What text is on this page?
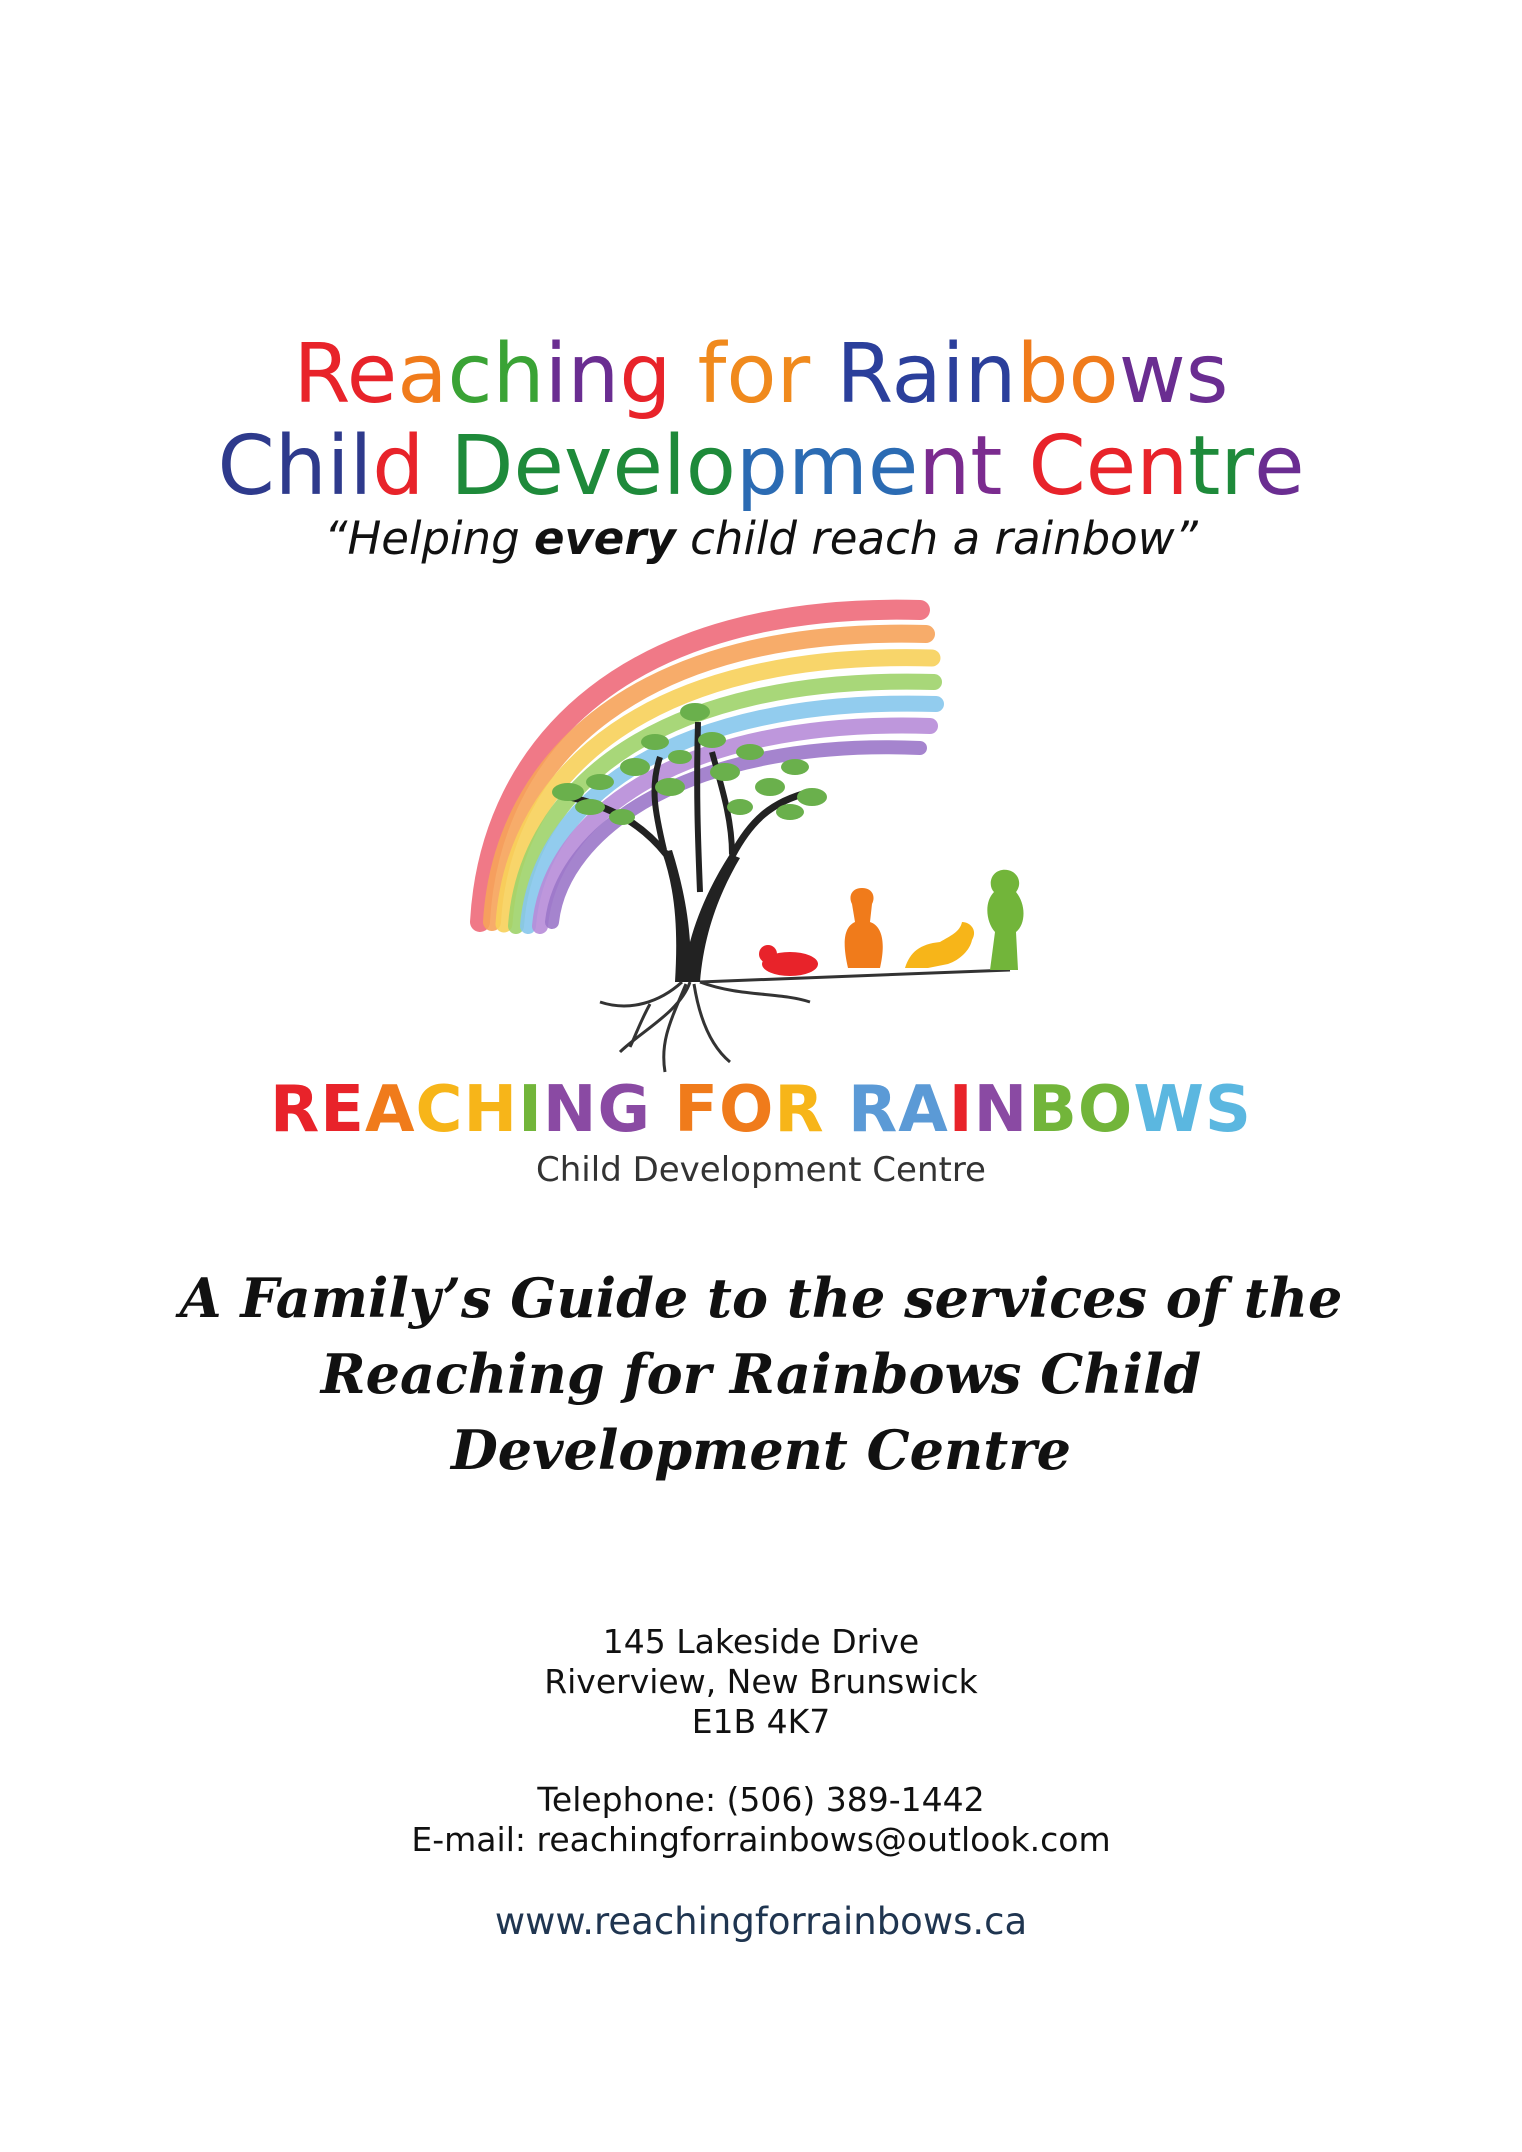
Reaching for Rainbows
Child Development Centre
“Helping every child reach a rainbow”
REACHING FOR RAINBOWS
Child Development Centre
A Family’s Guide to the services of the Reaching for Rainbows Child Development Centre
145 Lakeside Drive
Riverview, New Brunswick
E1B 4K7
Telephone: (506) 389-1442
E-mail: reachingforrainbows@outlook.com
www.reachingforrainbows.ca
